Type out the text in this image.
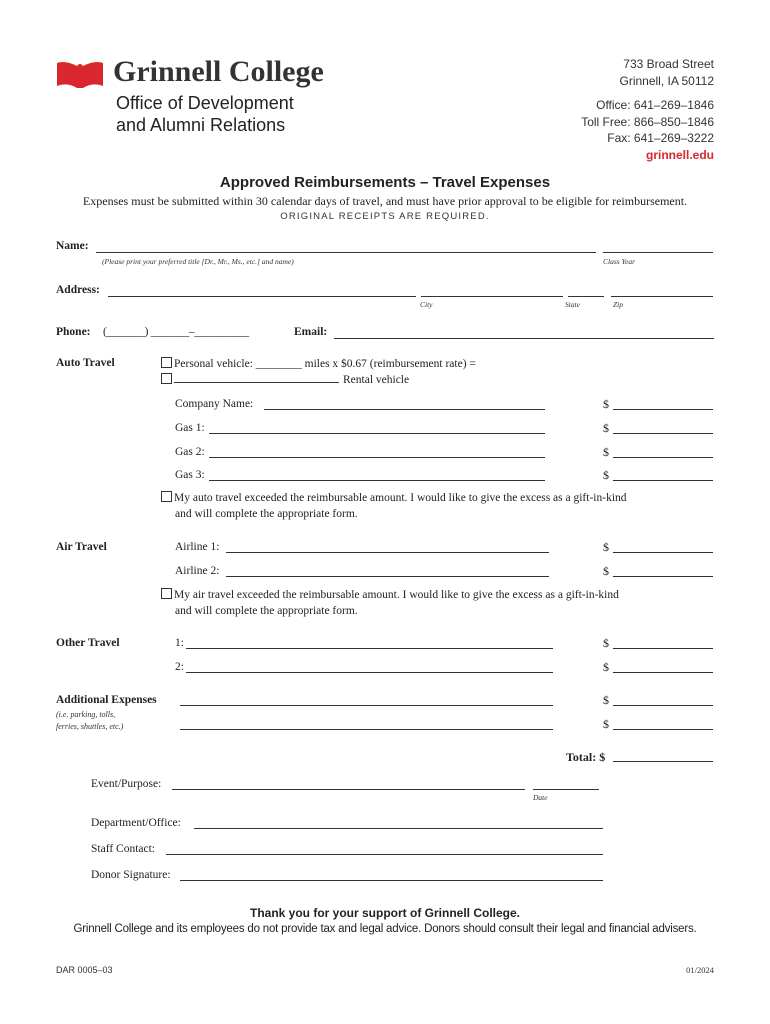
Grinnell College
Office of Development
and Alumni Relations
733 Broad Street
Grinnell, IA 50112
Office: 641–269–1846
Toll Free: 866–850–1846
Fax: 641–269–3222
grinnell.edu
Approved Reimbursements – Travel Expenses
Expenses must be submitted within 30 calendar days of travel, and must have prior approval to be eligible for reimbursement.
ORIGINAL RECEIPTS ARE REQUIRED.
Name:
(Please print your preferred title [Dr., Mr., Ms., etc.] and name)	Class Year
Address:
City	State	Zip
Phone: (_______) _______–__________	Email:
Auto Travel	Personal vehicle: ________ miles x $0.67 (reimbursement rate) =
Rental vehicle
Company Name:	$
Gas 1:	$
Gas 2:	$
Gas 3:	$
My auto travel exceeded the reimbursable amount. I would like to give the excess as a gift-in-kind
and will complete the appropriate form.
Air Travel	Airline 1:	$
Airline 2:	$
My air travel exceeded the reimbursable amount. I would like to give the excess as a gift-in-kind
and will complete the appropriate form.
Other Travel	1:	$
2:	$
Additional Expenses	$
(i.e. parking, tolls,
ferries, shuttles, etc.)	$
Total: $
Event/Purpose:
Date
Department/Office:
Staff Contact:
Donor Signature:
Thank you for your support of Grinnell College.
Grinnell College and its employees do not provide tax and legal advice. Donors should consult their legal and financial advisers.
DAR 0005–03	01/2024
